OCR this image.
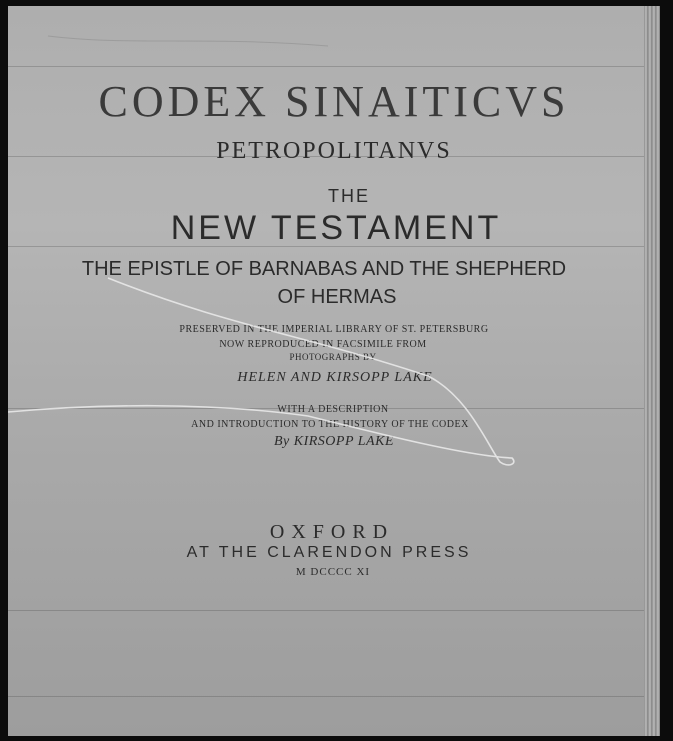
CODEX SINAITICVS
PETROPOLITANVS
THE
NEW TESTAMENT
THE EPISTLE OF BARNABAS AND THE SHEPHERD
OF HERMAS
PRESERVED IN THE IMPERIAL LIBRARY OF ST. PETERSBURG
NOW REPRODUCED IN FACSIMILE FROM
PHOTOGRAPHS BY
HELEN AND KIRSOPP LAKE
WITH A DESCRIPTION
AND INTRODUCTION TO THE HISTORY OF THE CODEX
By KIRSOPP LAKE
OXFORD
AT THE CLARENDON PRESS
M DCCCC XI
